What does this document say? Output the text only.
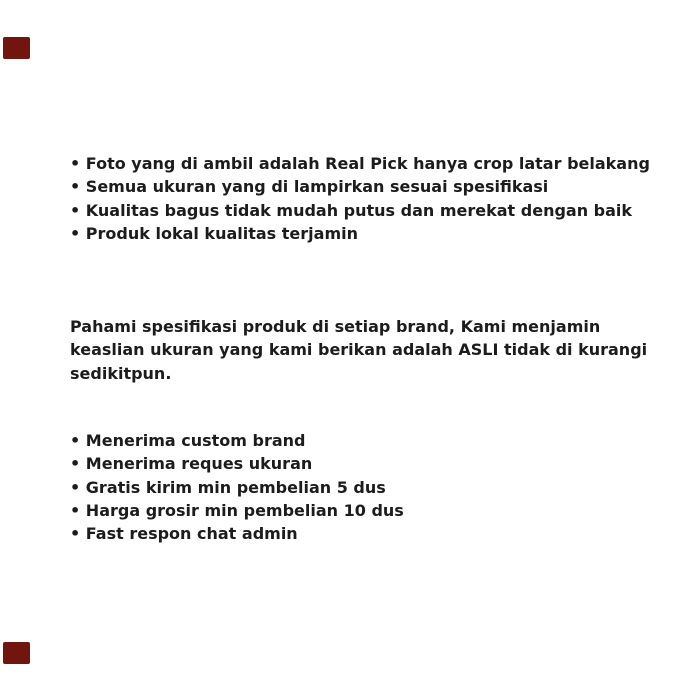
• Foto yang di ambil adalah Real Pick hanya crop latar belakang
• Semua ukuran yang di lampirkan sesuai spesifikasi
• Kualitas bagus tidak mudah putus dan merekat dengan baik
• Produk lokal kualitas terjamin
Pahami spesifikasi produk di setiap brand, Kami menjamin
keaslian ukuran yang kami berikan adalah ASLI tidak di kurangi
sedikitpun.
• Menerima custom brand
• Menerima reques ukuran
• Gratis kirim min pembelian 5 dus
• Harga grosir min pembelian 10 dus
• Fast respon chat admin
